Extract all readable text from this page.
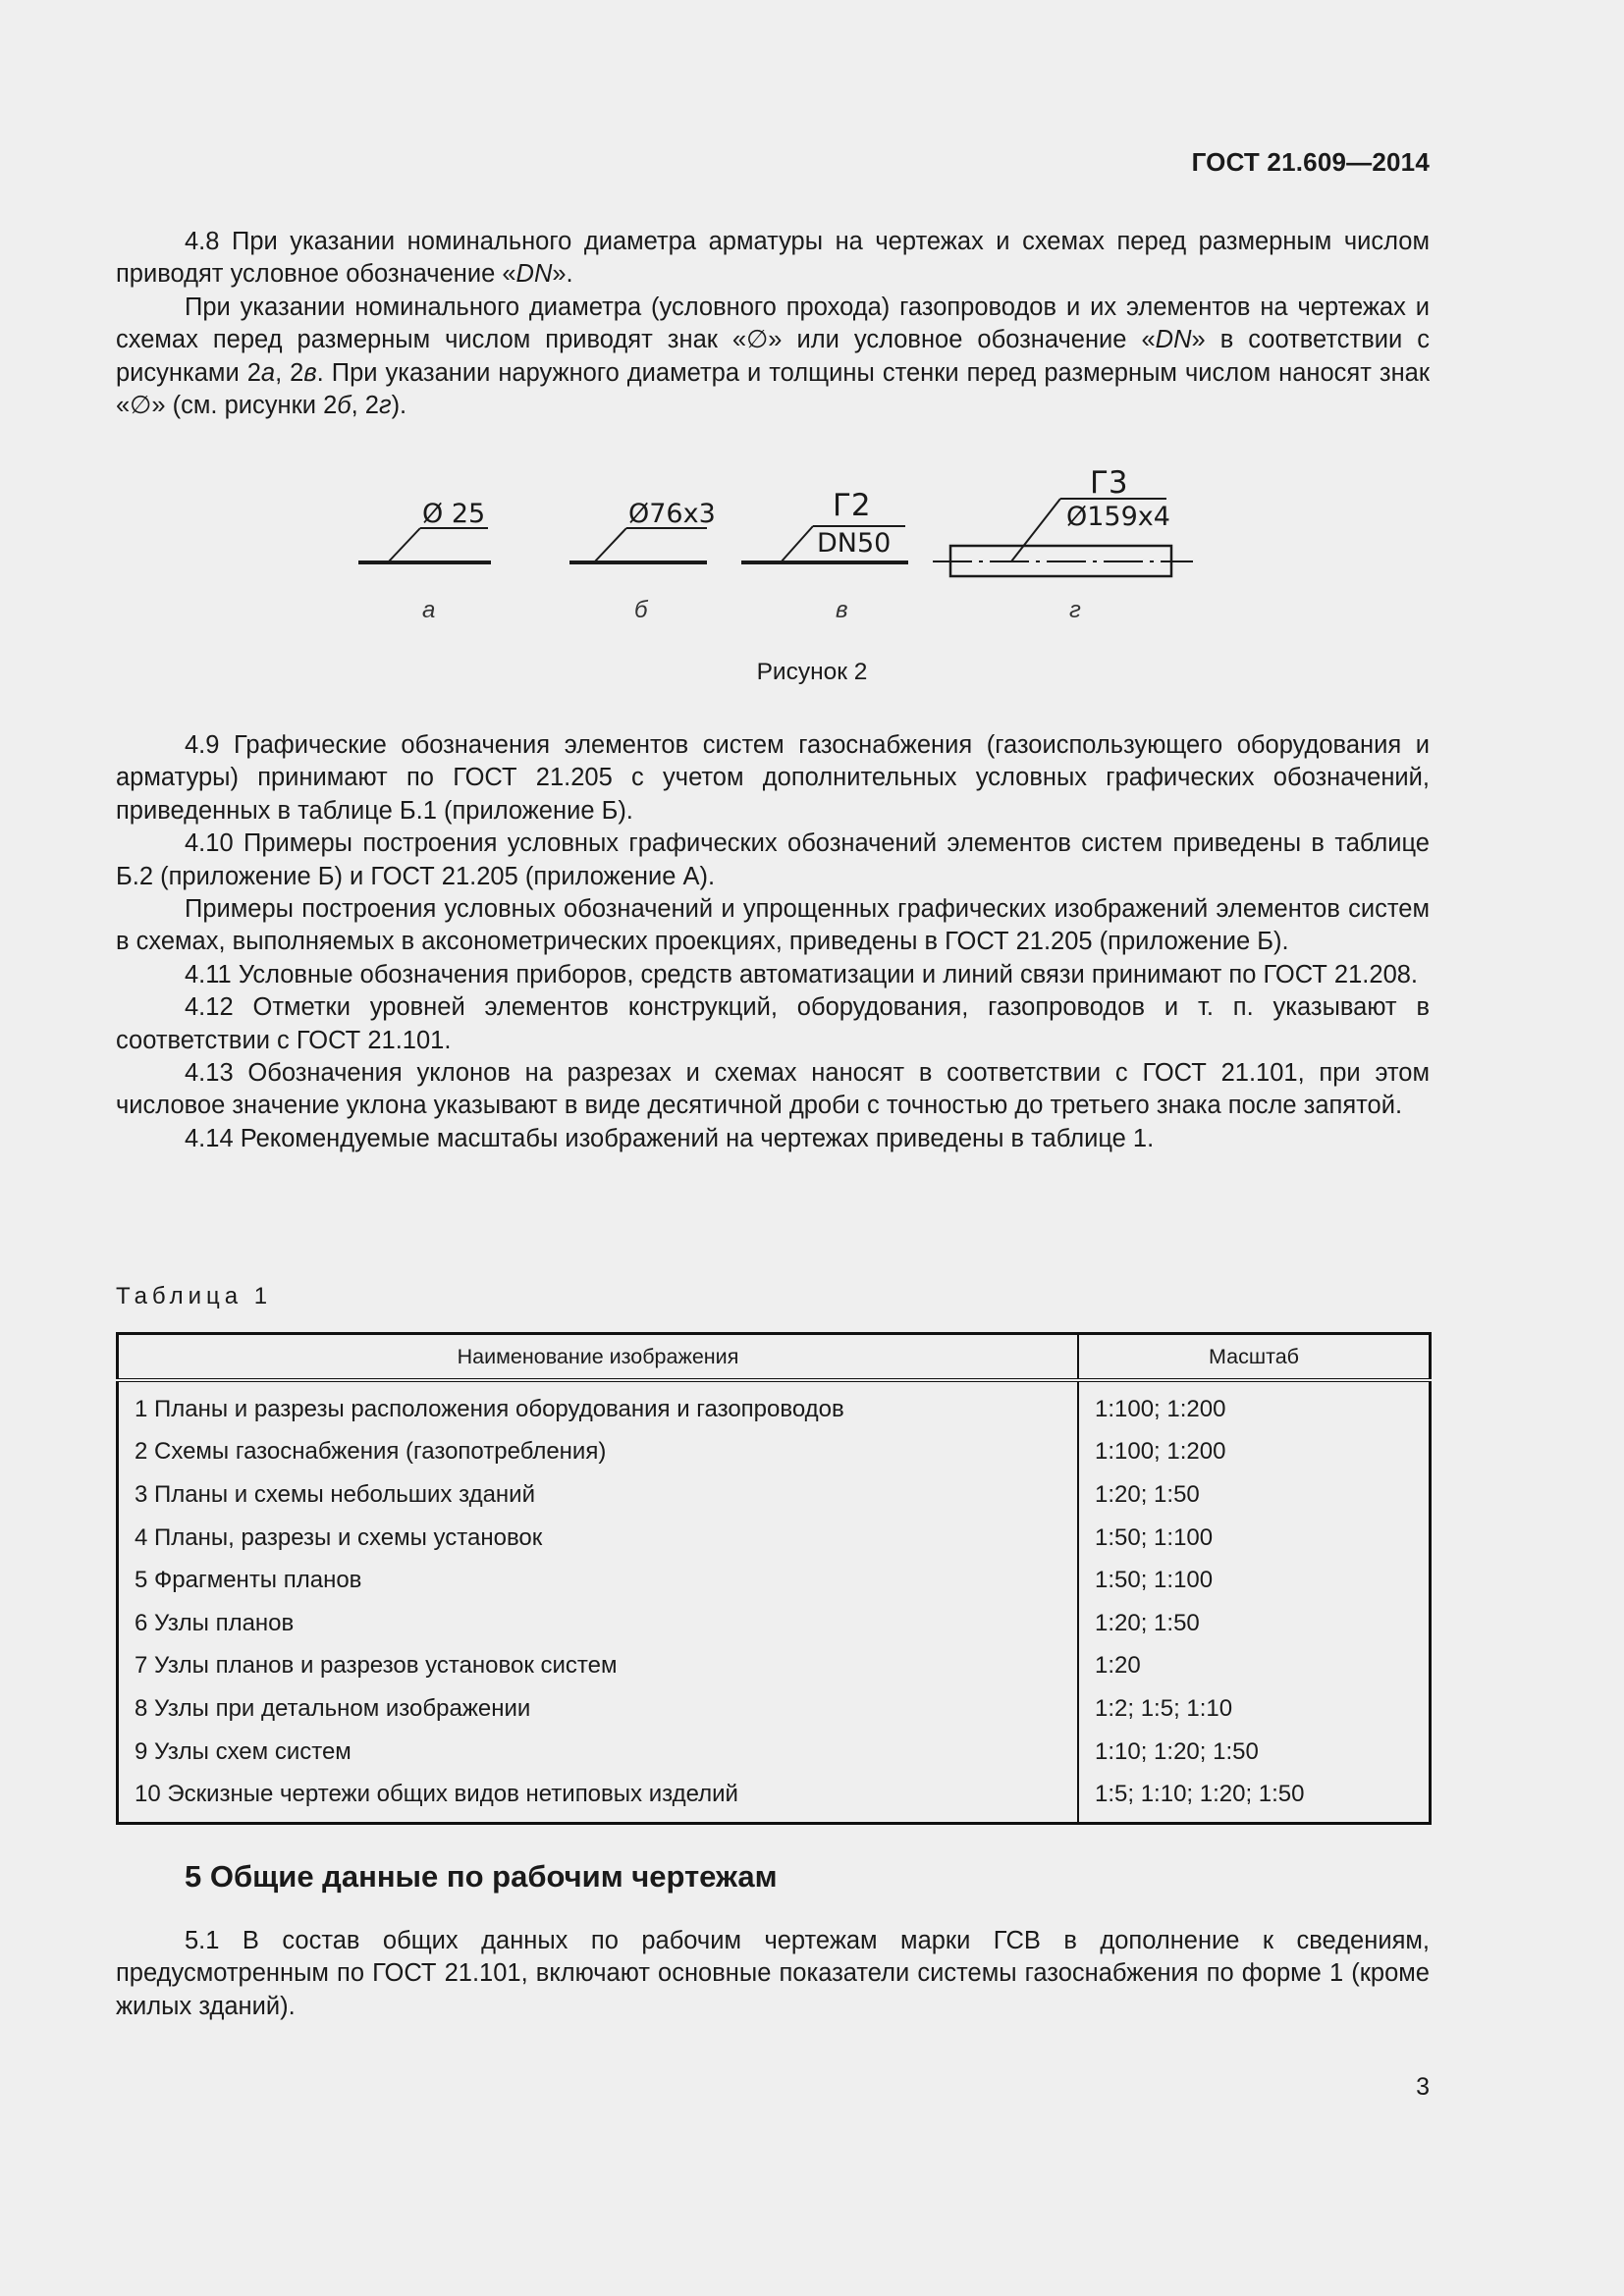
ГОСТ 21.609—2014

4.8 При указании номинального диаметра арматуры на чертежах и схемах перед размерным числом приводят условное обозначение «DN».

При указании номинального диаметра (условного прохода) газопроводов и их элементов на чертежах и схемах перед размерным числом приводят знак «∅» или условное обозначение «DN» в соответствии с рисунками 2а, 2в. При указании наружного диаметра и толщины стенки перед размерным числом наносят знак «∅» (см. рисунки 2б, 2г).

Ø 25	Ø76x3	Г2
DN50
Г3
Ø159x4
а	б	в	г
Рисунок 2

4.9 Графические обозначения элементов систем газоснабжения (газоиспользующего оборудования и арматуры) принимают по ГОСТ 21.205 с учетом дополнительных условных графических обозначений, приведенных в таблице Б.1 (приложение Б).

4.10 Примеры построения условных графических обозначений элементов систем приведены в таблице Б.2 (приложение Б) и ГОСТ 21.205 (приложение А).

Примеры построения условных обозначений и упрощенных графических изображений элементов систем в схемах, выполняемых в аксонометрических проекциях, приведены в ГОСТ 21.205 (приложение Б).

4.11 Условные обозначения приборов, средств автоматизации и линий связи принимают по ГОСТ 21.208.

4.12 Отметки уровней элементов конструкций, оборудования, газопроводов и т. п. указывают в соответствии с ГОСТ 21.101.

4.13 Обозначения уклонов на разрезах и схемах наносят в соответствии с ГОСТ 21.101, при этом числовое значение уклона указывают в виде десятичной дроби с точностью до третьего знака после запятой.

4.14 Рекомендуемые масштабы изображений на чертежах приведены в таблице 1.

Таблица 1
Наименование изображения	Масштаб
1 Планы и разрезы расположения оборудования и газопроводов	1:100; 1:200
2 Схемы газоснабжения (газопотребления)	1:100; 1:200
3 Планы и схемы небольших зданий	1:20; 1:50
4 Планы, разрезы и схемы установок	1:50; 1:100
5 Фрагменты планов	1:50; 1:100
6 Узлы планов	1:20; 1:50
7 Узлы планов и разрезов установок систем	1:20
8 Узлы при детальном изображении	1:2; 1:5; 1:10
9 Узлы схем систем	1:10; 1:20; 1:50
10 Эскизные чертежи общих видов нетиповых изделий	1:5; 1:10; 1:20; 1:50
5 Общие данные по рабочим чертежам

5.1 В состав общих данных по рабочим чертежам марки ГСВ в дополнение к сведениям, предусмотренным по ГОСТ 21.101, включают основные показатели системы газоснабжения по форме 1 (кроме жилых зданий).

3
